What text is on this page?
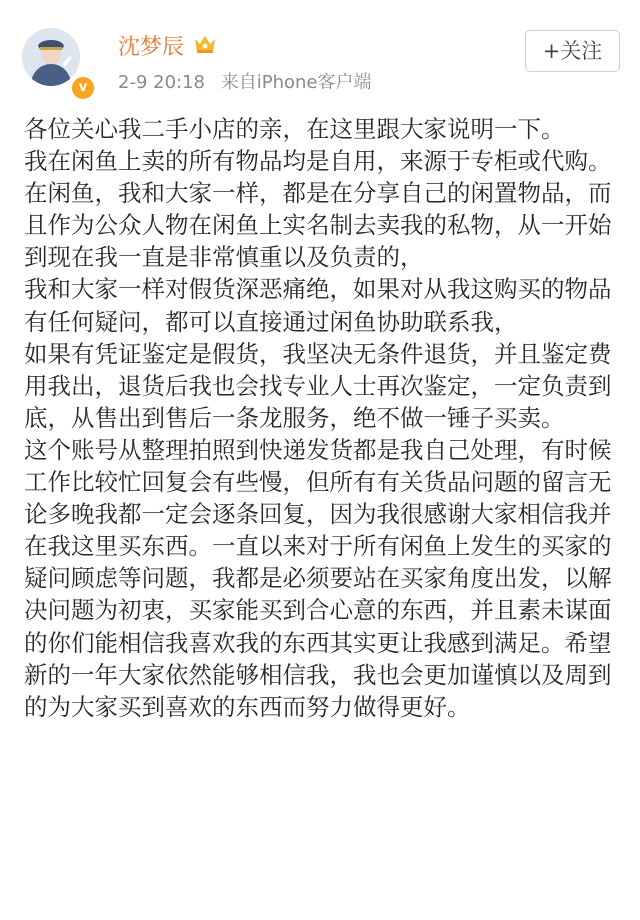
v
沈梦辰
2-9 20:18 来自iPhone客户端
+关注

各位关心我二手小店的亲，在这里跟大家说明一下。

我在闲鱼上卖的所有物品均是自用，来源于专柜或代购。在闲鱼，我和大家一样，都是在分享自己的闲置物品，而且作为公众人物在闲鱼上实名制去卖我的私物，从一开始到现在我一直是非常慎重以及负责的，

我和大家一样对假货深恶痛绝，如果对从我这购买的物品有任何疑问，都可以直接通过闲鱼协助联系我，

如果有凭证鉴定是假货，我坚决无条件退货，并且鉴定费用我出，退货后我也会找专业人士再次鉴定，一定负责到底，从售出到售后一条龙服务，绝不做一锤子买卖。

这个账号从整理拍照到快递发货都是我自己处理，有时候工作比较忙回复会有些慢，但所有有关货品问题的留言无论多晚我都一定会逐条回复，因为我很感谢大家相信我并在我这里买东西。一直以来对于所有闲鱼上发生的买家的疑问顾虑等问题，我都是必须要站在买家角度出发，以解决问题为初衷，买家能买到合心意的东西，并且素未谋面的你们能相信我喜欢我的东西其实更让我感到满足。希望新的一年大家依然能够相信我，我也会更加谨慎以及周到的为大家买到喜欢的东西而努力做得更好。
